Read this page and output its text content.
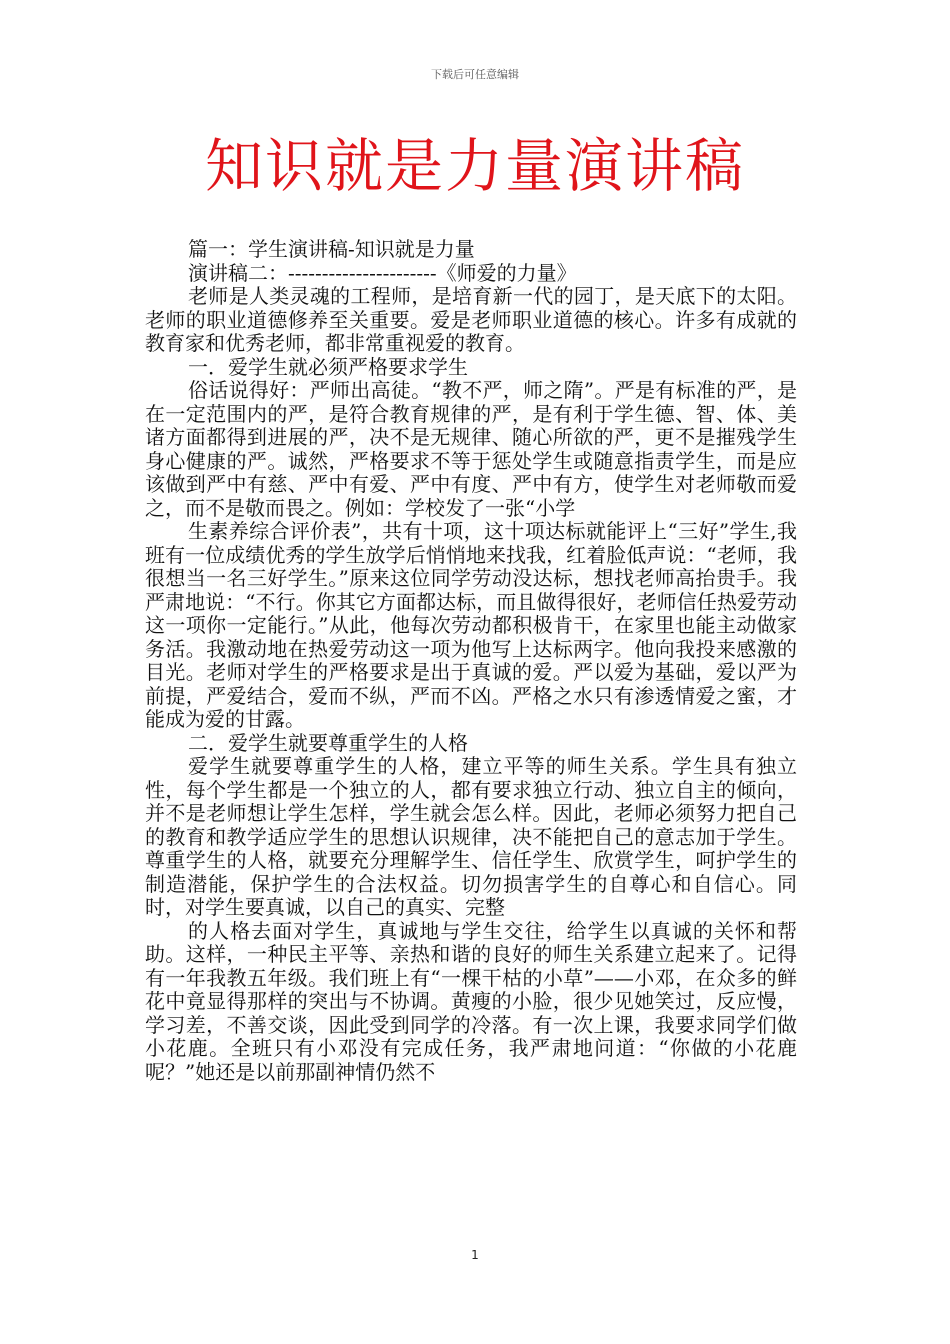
下载后可任意编辑
知识就是力量演讲稿

篇一：学生演讲稿-知识就是力量

演讲稿二：----------------------《师爱的力量》

老师是人类灵魂的工程师，是培育新一代的园丁，是天底下的太阳。老师的职业道德修养至关重要。爱是老师职业道德的核心。许多有成就的教育家和优秀老师，都非常重视爱的教育。

一．爱学生就必须严格要求学生

俗话说得好：严师出高徒。“教不严，师之隋”。严是有标准的严，是在一定范围内的严，是符合教育规律的严，是有利于学生德、智、体、美诸方面都得到进展的严，决不是无规律、随心所欲的严，更不是摧残学生身心健康的严。诚然，严格要求不等于惩处学生或随意指责学生，而是应该做到严中有慈、严中有爱、严中有度、严中有方，使学生对老师敬而爱之，而不是敬而畏之。例如：学校发了一张“小学

生素养综合评价表”，共有十项，这十项达标就能评上“三好”学生,我班有一位成绩优秀的学生放学后悄悄地来找我，红着脸低声说：“老师，我很想当一名三好学生。”原来这位同学劳动没达标，想找老师高抬贵手。我严肃地说：“不行。你其它方面都达标，而且做得很好，老师信任热爱劳动这一项你一定能行。”从此，他每次劳动都积极肯干，在家里也能主动做家务活。我激动地在热爱劳动这一项为他写上达标两字。他向我投来感激的目光。老师对学生的严格要求是出于真诚的爱。严以爱为基础，爱以严为前提，严爱结合，爱而不纵，严而不凶。严格之水只有渗透情爱之蜜，才能成为爱的甘露。

二．爱学生就要尊重学生的人格

爱学生就要尊重学生的人格，建立平等的师生关系。学生具有独立性，每个学生都是一个独立的人，都有要求独立行动、独立自主的倾向，并不是老师想让学生怎样，学生就会怎么样。因此，老师必须努力把自己的教育和教学适应学生的思想认识规律，决不能把自己的意志加于学生。尊重学生的人格，就要充分理解学生、信任学生、欣赏学生，呵护学生的制造潜能，保护学生的合法权益。切勿损害学生的自尊心和自信心。同时，对学生要真诚，以自己的真实、完整

的人格去面对学生，真诚地与学生交往，给学生以真诚的关怀和帮助。这样，一种民主平等、亲热和谐的良好的师生关系建立起来了。记得有一年我教五年级。我们班上有“一棵干枯的小草”——小邓，在众多的鲜花中竟显得那样的突出与不协调。黄瘦的小脸，很少见她笑过，反应慢，学习差，不善交谈，因此受到同学的冷落。有一次上课，我要求同学们做小花鹿。全班只有小邓没有完成任务，我严肃地问道：“你做的小花鹿呢？”她还是以前那副神情仍然不

1
